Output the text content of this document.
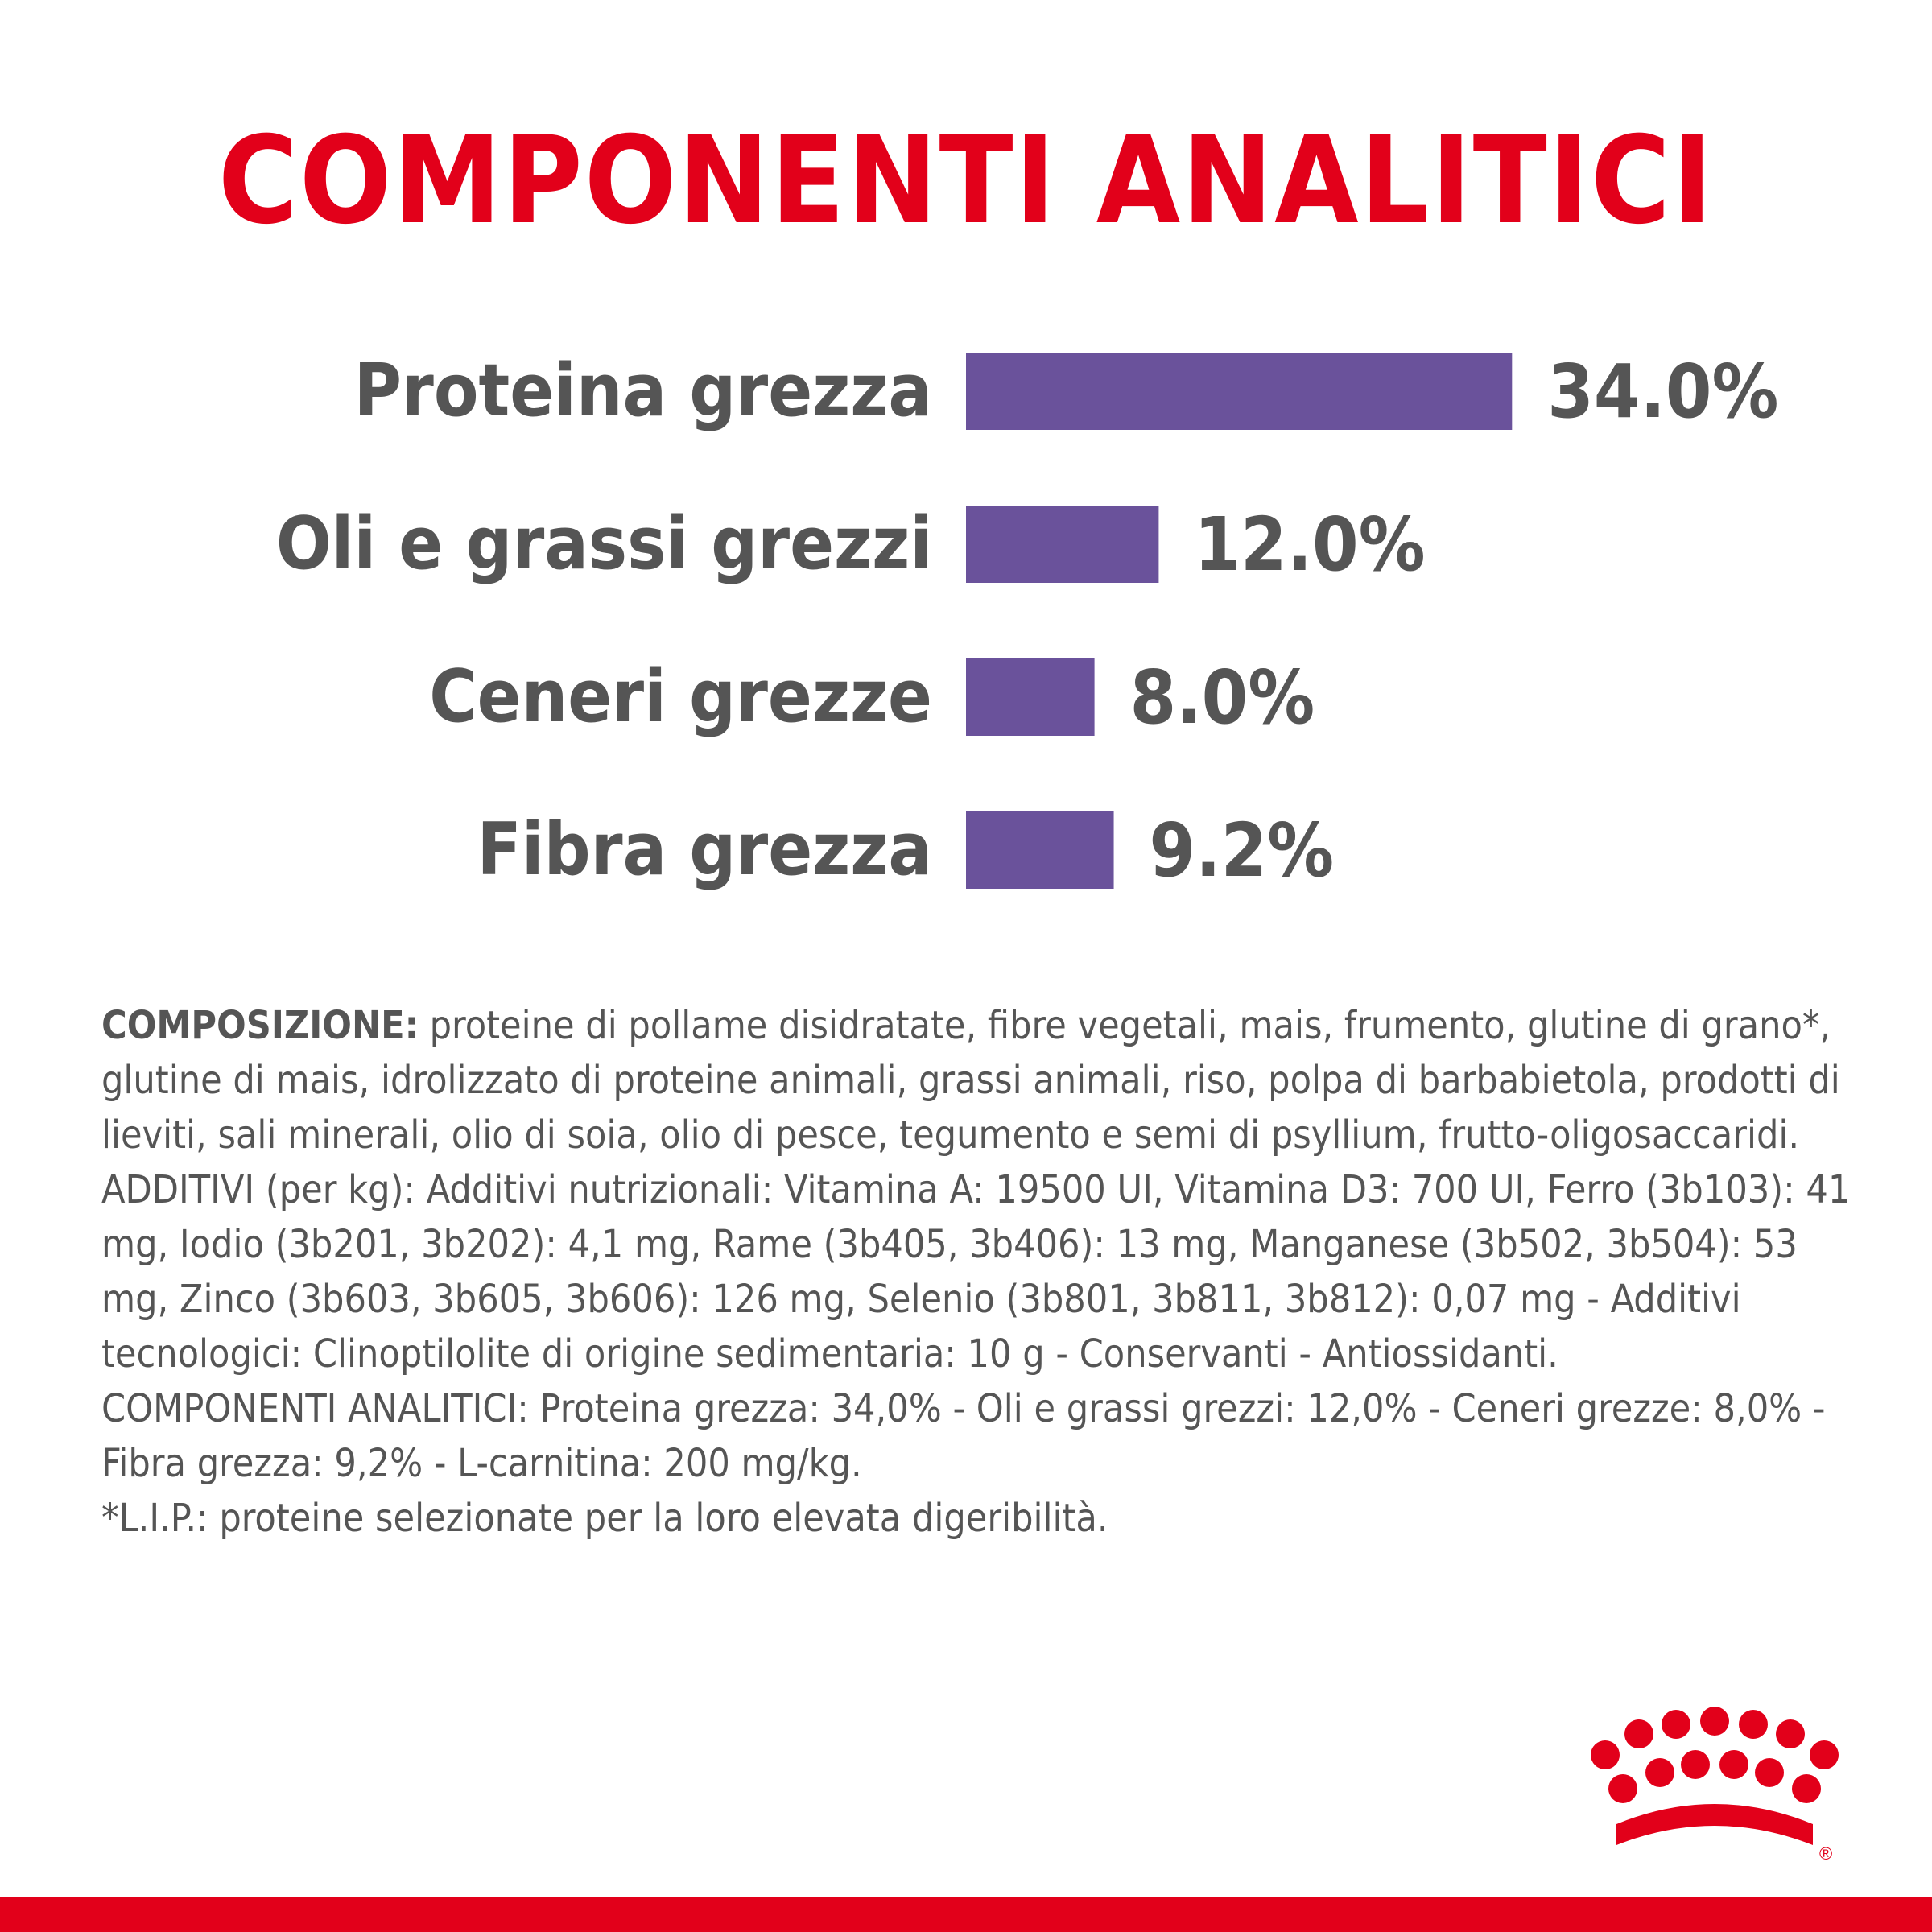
COMPONENTI ANALITICI
Proteina grezza	34.0%
Oli e grassi grezzi	12.0%
Ceneri grezze	8.0%
Fibra grezza	9.2%

COMPOSIZIONE: proteine di pollame disidratate, fibre vegetali, mais, frumento, glutine di grano*, glutine di mais, idrolizzato di proteine animali, grassi animali, riso, polpa di barbabietola, prodotti di lieviti, sali minerali, olio di soia, olio di pesce, tegumento e semi di psyllium, frutto-oligosaccaridi.

ADDITIVI (per kg): Additivi nutrizionali: Vitamina A: 19500 UI, Vitamina D3: 700 UI, Ferro (3b103): 41 mg, Iodio (3b201, 3b202): 4,1 mg, Rame (3b405, 3b406): 13 mg, Manganese (3b502, 3b504): 53 mg, Zinco (3b603, 3b605, 3b606): 126 mg, Selenio (3b801, 3b811, 3b812): 0,07 mg - Additivi tecnologici: Clinoptilolite di origine sedimentaria: 10 g - Conservanti - Antiossidanti.

COMPONENTI ANALITICI: Proteina grezza: 34,0% - Oli e grassi grezzi: 12,0% - Ceneri grezze: 8,0% - Fibra grezza: 9,2% - L-carnitina: 200 mg/kg.

*L.I.P.: proteine selezionate per la loro elevata digeribilità.

®
